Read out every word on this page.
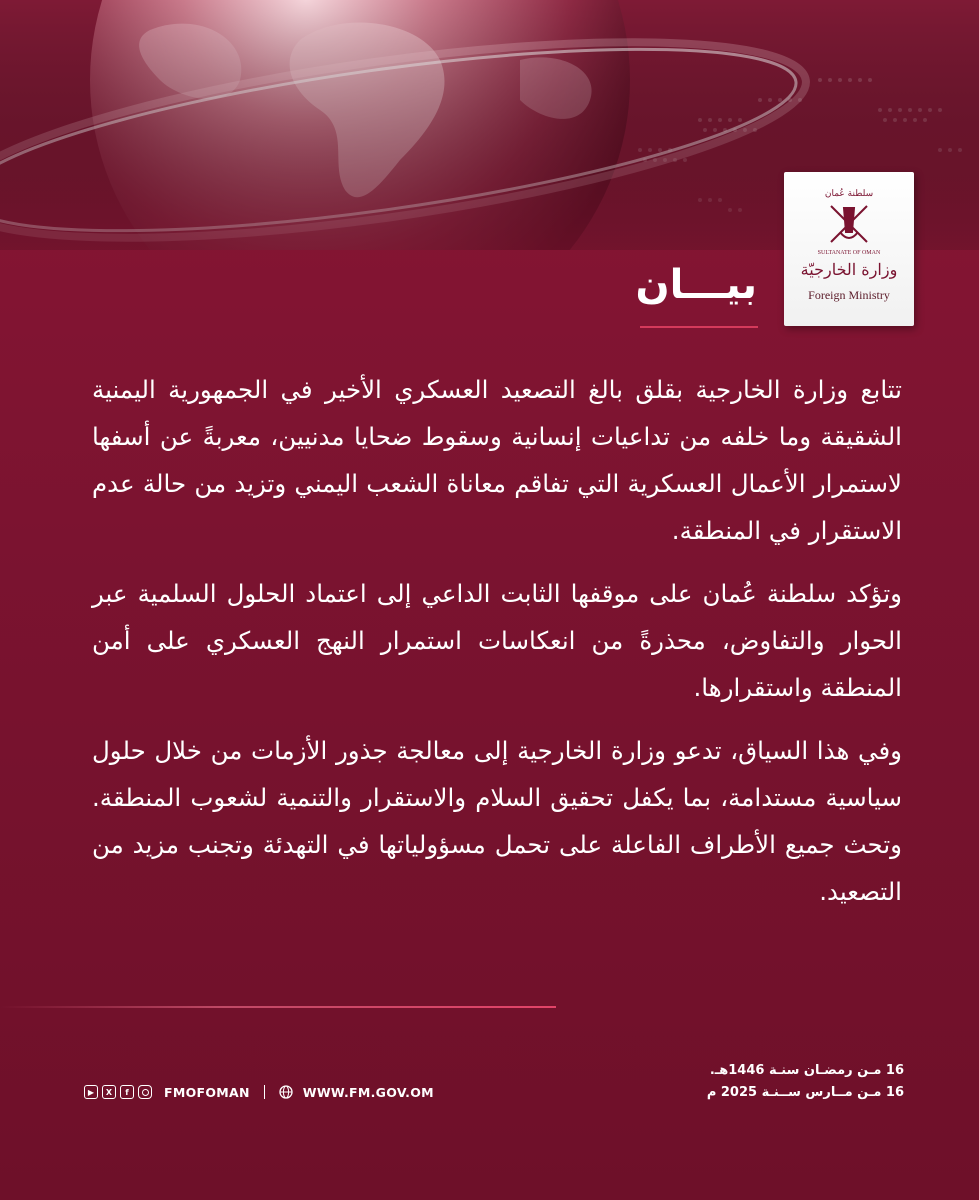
سلطنة عُمان
SULTANATE OF OMAN
وزارة الخارجيّة
Foreign Ministry
بيـــان

تتابع وزارة الخارجية بقلق بالغ التصعيد العسكري الأخير في الجمهورية اليمنية الشقيقة وما خلفه من تداعيات إنسانية وسقوط ضحايا مدنيين، معربةً عن أسفها لاستمرار الأعمال العسكرية التي تفاقم معاناة الشعب اليمني وتزيد من حالة عدم الاستقرار في المنطقة.

وتؤكد سلطنة عُمان على موقفها الثابت الداعي إلى اعتماد الحلول السلمية عبر الحوار والتفاوض، محذرةً من انعكاسات استمرار النهج العسكري على أمن المنطقة واستقرارها.

وفي هذا السياق، تدعو وزارة الخارجية إلى معالجة جذور الأزمات من خلال حلول سياسية مستدامة، بما يكفل تحقيق السلام والاستقرار والتنمية لشعوب المنطقة. وتحث جميع الأطراف الفاعلة على تحمل مسؤولياتها في التهدئة وتجنب مزيد من التصعيد.

16 مـن رمضـان سنـة 1446هـ.
16 مـن مــارس ســنـة 2025 م
▶	X	f	FMOFOMAN	WWW.FM.GOV.OM
